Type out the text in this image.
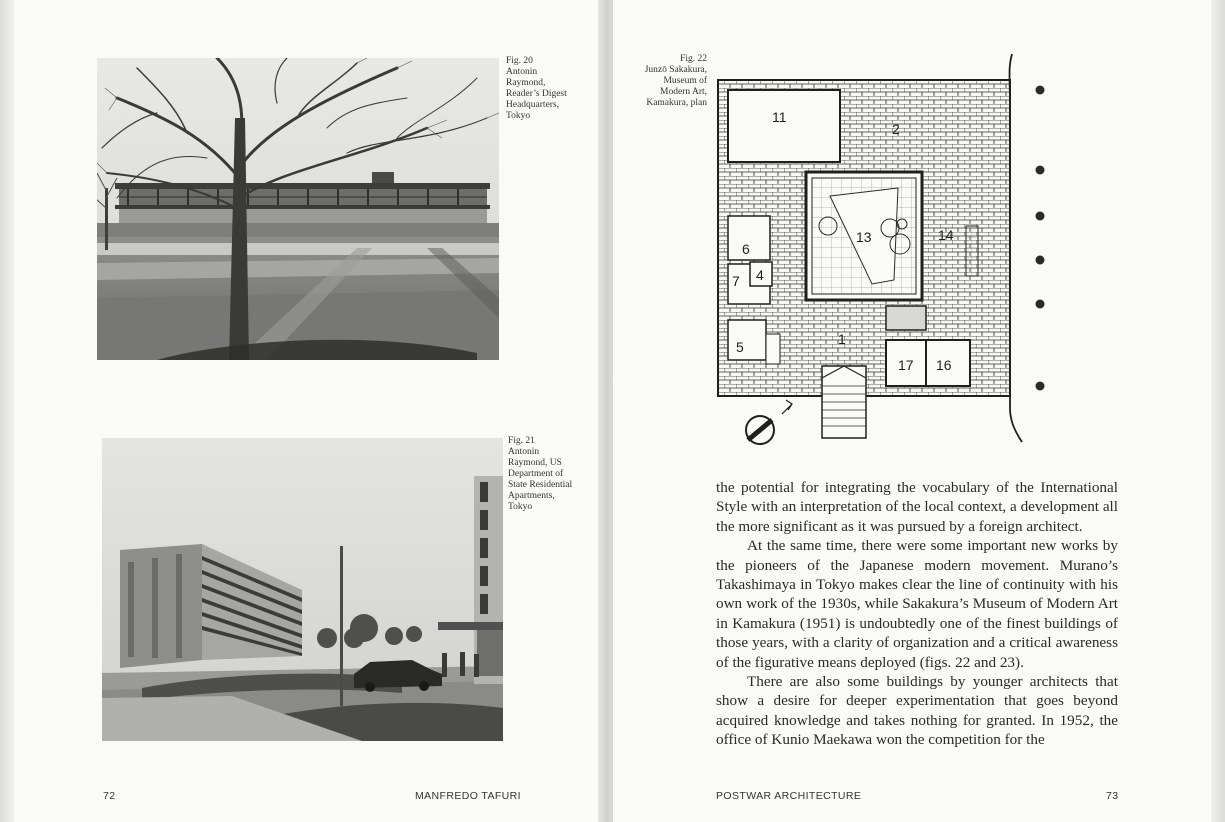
Fig. 20
Antonin
Raymond,
Reader’s Digest
Headquarters,
Tokyo
Fig. 21
Antonin
Raymond, US
Department of
State Residential
Apartments,
Tokyo
72	MANFREDO TAFURI
Fig. 22
Junzō Sakakura,
Museum of
Modern Art,
Kamakura, plan
11
2
13	14
6
4
7
5
17 16
1

the potential for integrating the vocabulary of the International Style with an interpretation of the local context, a development all the more significant as it was pursued by a foreign architect.

At the same time, there were some important new works by the pioneers of the Japanese modern movement. Murano’s Takashimaya in Tokyo makes clear the line of continuity with his own work of the 1930s, while Sakakura’s Museum of Modern Art in Kamakura (1951) is undoubtedly one of the finest buildings of those years, with a clarity of organization and a critical awareness of the figurative means deployed (figs. 22 and 23).

There are also some buildings by younger architects that show a desire for deeper experimentation that goes beyond acquired knowledge and takes nothing for granted. In 1952, the office of Kunio Maekawa won the competition for the

POSTWAR ARCHITECTURE	73
